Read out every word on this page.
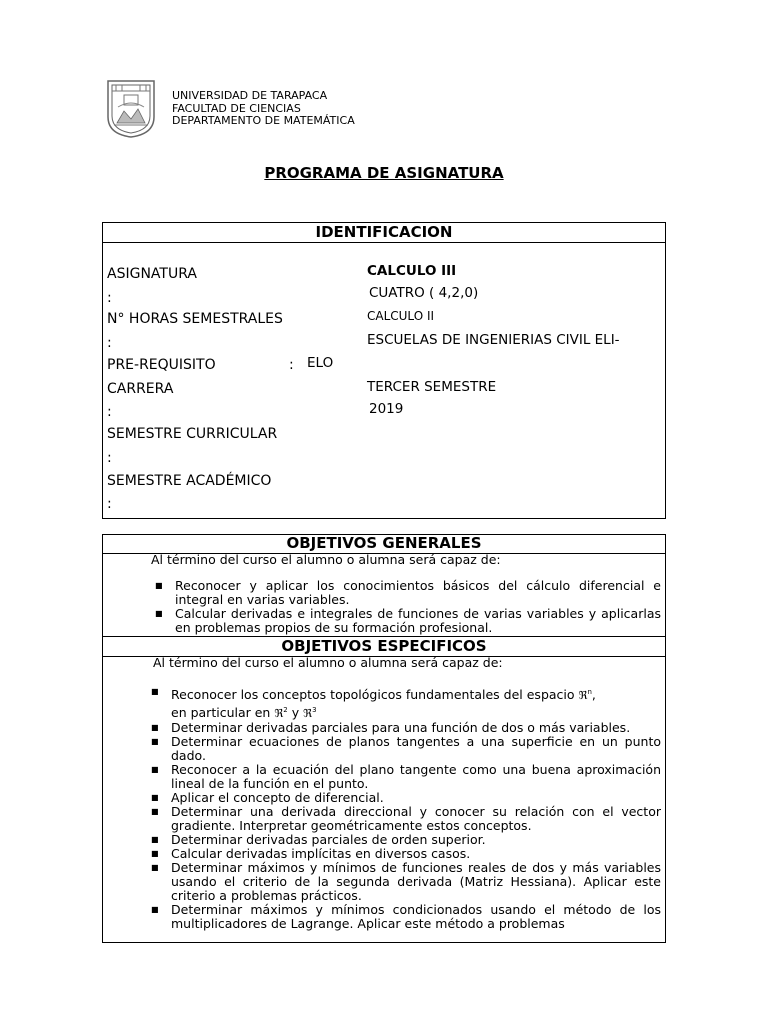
UNIVERSIDAD DE TARAPACA
FACULTAD DE CIENCIAS
DEPARTAMENTO DE MATEMÁTICA
PROGRAMA DE ASIGNATURA
IDENTIFICACION
ASIGNATURA
:
N° HORAS SEMESTRALES
:
PRE-REQUISITO	:
CARRERA
:
SEMESTRE CURRICULAR
:
SEMESTRE ACADÉMICO
:
CALCULO III
CUATRO ( 4,2,0)
CALCULO II
ESCUELAS DE INGENIERIAS CIVIL ELI-
ELO
TERCER SEMESTRE
2019
OBJETIVOS GENERALES
Al término del curso el alumno o alumna será capaz de:
■ Reconocer y aplicar los conocimientos básicos del cálculo diferencial e integral en varias variables.
■ Calcular derivadas e integrales de funciones de varias variables y aplicarlas en problemas propios de su formación profesional.
OBJETIVOS ESPECIFICOS
Al término del curso el alumno o alumna será capaz de:
■ Reconocer los conceptos topológicos fundamentales del espacio ℜ$^n$,
en particular en ℜ$^2$ y ℜ$^3$
■ Determinar derivadas parciales para una función de dos o más variables.
■ Determinar ecuaciones de planos tangentes a una superficie en un punto dado.
■ Reconocer a la ecuación del plano tangente como una buena aproximación lineal de la función en el punto.
■ Aplicar el concepto de diferencial.
■ Determinar una derivada direccional y conocer su relación con el vector gradiente. Interpretar geométricamente estos conceptos.
■ Determinar derivadas parciales de orden superior.
■ Calcular derivadas implícitas en diversos casos.
■ Determinar máximos y mínimos de funciones reales de dos y más variables usando el criterio de la segunda derivada (Matriz Hessiana). Aplicar este criterio a problemas prácticos.
■ Determinar máximos y mínimos condicionados usando el método de los multiplicadores de Lagrange. Aplicar este método a problemas
